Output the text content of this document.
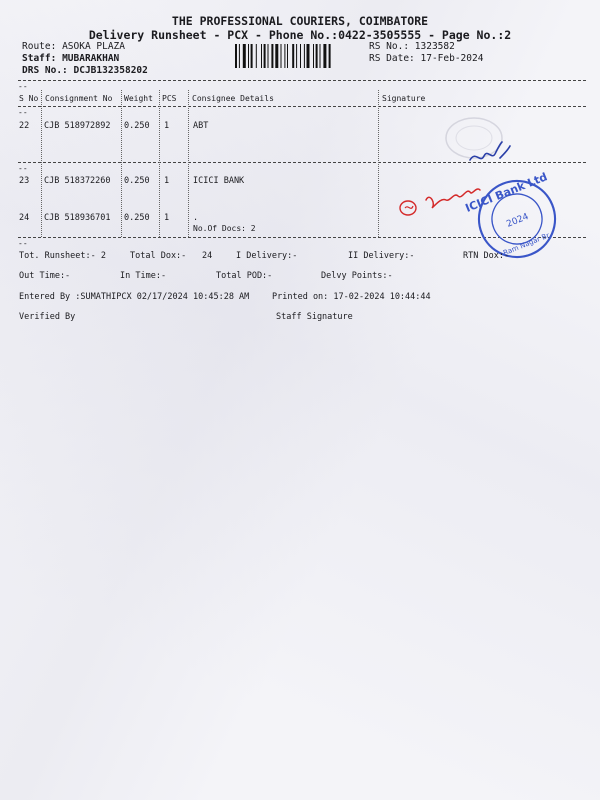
THE PROFESSIONAL COURIERS, COIMBATORE
Delivery Runsheet - PCX - Phone No.:0422-3505555 - Page No.:2
Route: ASOKA PLAZA
Staff: MUBARAKHAN
DRS No.: DCJB132358202
RS No.: 1323582
RS Date: 17-Feb-2024
--
--
--
--
S No Consignment No Weight PCS Consignee Details	Signature
22 CJB 518972892 0.250 1	ABT
23 CJB 518372260 0.250 1	ICICI BANK
24 CJB 518936701 0.250 1	.
No.Of Docs: 2
ICICI Bank Ltd
Ram Nagar Br.
2024
Tot. Runsheet:- 2	Total Dox:- 24	I Delivery:-	II Delivery:-	RTN Dox:-
Out Time:-	In Time:-	Total POD:-	Delvy Points:-
Entered By :SUMATHIPCX 02/17/2024 10:45:28 AM	Printed on: 17-02-2024 10:44:44
Verified By	Staff Signature
